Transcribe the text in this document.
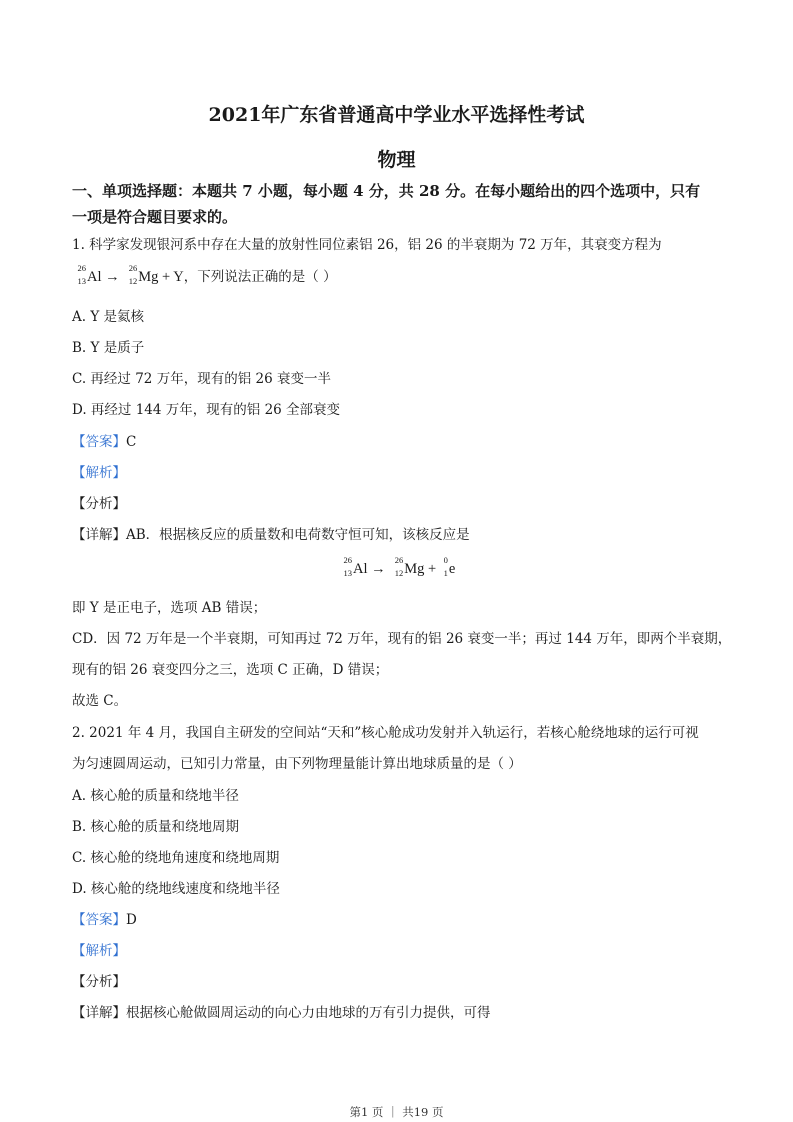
2021年广东省普通高中学业水平选择性考试
物理
一、单项选择题：本题共 7 小题，每小题 4 分，共 28 分。在每小题给出的四个选项中，只有
一项是符合题目要求的。
1. 科学家发现银河系中存在大量的放射性同位素铝 26，铝 26 的半衰期为 72 万年，其衰变方程为
26
13 Al →
26
12 Mg + Y，下列说法正确的是（ ）
A. Y 是氦核
B. Y 是质子
C. 再经过 72 万年，现有的铝 26 衰变一半
D. 再经过 144 万年，现有的铝 26 全部衰变
【答案】C
【解析】
【分析】
【详解】AB．根据核反应的质量数和电荷数守恒可知，该核反应是
26
13 Al →
26
12 Mg +
0
1 e
即 Y 是正电子，选项 AB 错误；
CD．因 72 万年是一个半衰期，可知再过 72 万年，现有的铝 26 衰变一半；再过 144 万年，即两个半衰期，
现有的铝 26 衰变四分之三，选项 C 正确，D 错误；
故选 C。
2. 2021 年 4 月，我国自主研发的空间站“天和”核心舱成功发射并入轨运行，若核心舱绕地球的运行可视
为匀速圆周运动，已知引力常量，由下列物理量能计算出地球质量的是（ ）
A. 核心舱的质量和绕地半径
B. 核心舱的质量和绕地周期
C. 核心舱的绕地角速度和绕地周期
D. 核心舱的绕地线速度和绕地半径
【答案】D
【解析】
【分析】
【详解】根据核心舱做圆周运动的向心力由地球的万有引力提供，可得
第1 页 ｜ 共19 页
